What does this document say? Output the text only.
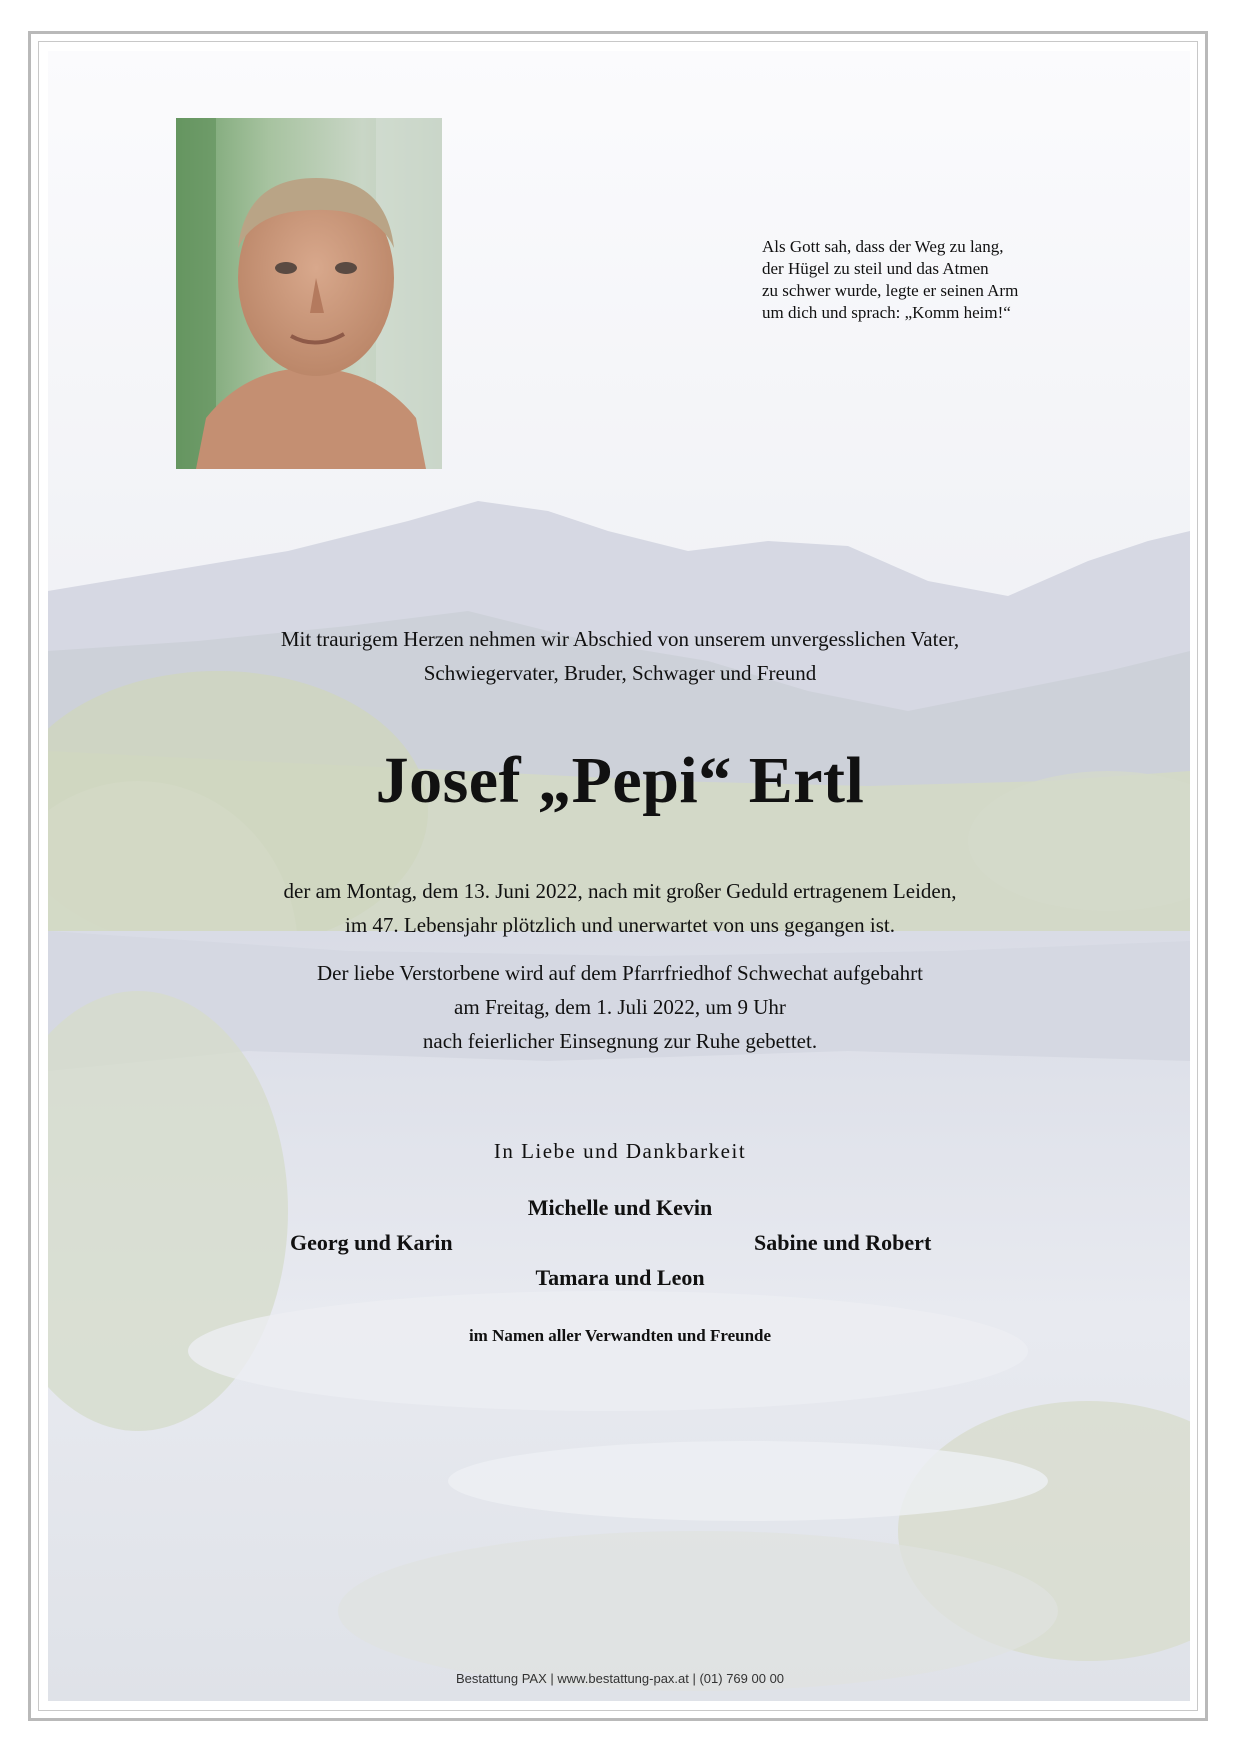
Als Gott sah, dass der Weg zu lang,
der Hügel zu steil und das Atmen
zu schwer wurde, legte er seinen Arm
um dich und sprach: „Komm heim!“
Mit traurigem Herzen nehmen wir Abschied von unserem unvergesslichen Vater,
Schwiegervater, Bruder, Schwager und Freund
Josef „Pepi“ Ertl
der am Montag, dem 13. Juni 2022, nach mit großer Geduld ertragenem Leiden,
im 47. Lebensjahr plötzlich und unerwartet von uns gegangen ist.
Der liebe Verstorbene wird auf dem Pfarrfriedhof Schwechat aufgebahrt
am Freitag, dem 1. Juli 2022, um 9 Uhr
nach feierlicher Einsegnung zur Ruhe gebettet.
In Liebe und Dankbarkeit
Michelle und Kevin
Georg und Karin	Sabine und Robert
Tamara und Leon
im Namen aller Verwandten und Freunde
Bestattung PAX | www.bestattung-pax.at | (01) 769 00 00
